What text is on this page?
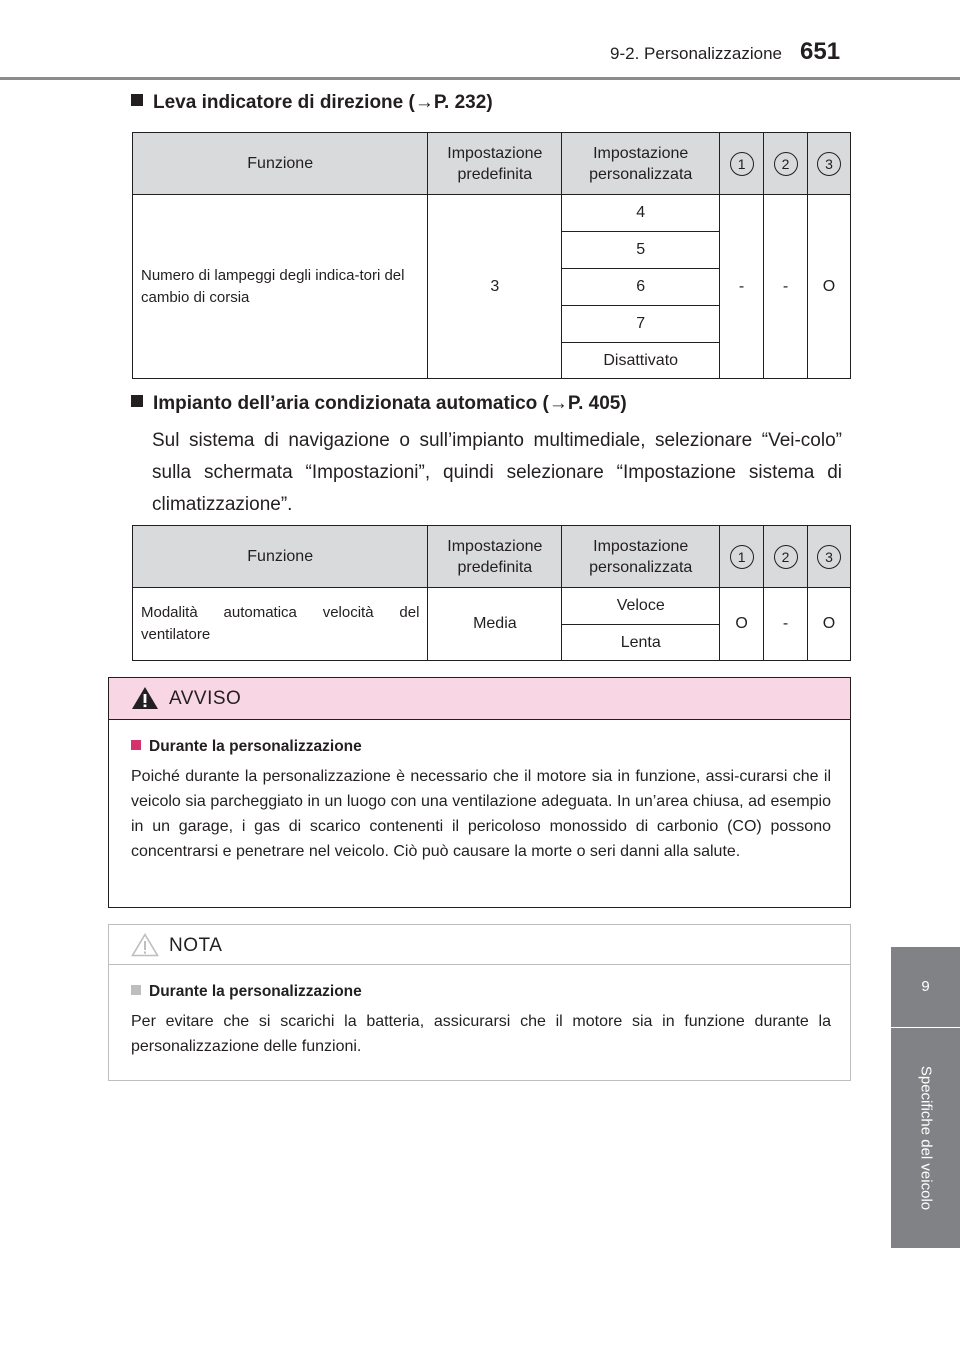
9-2. Personalizzazione 651
9
Specifiche del veicolo
Leva indicatore di direzione (→P. 232)
Funzione	Impostazione predefinita	Impostazione personalizzata	1	2	3
Numero di lampeggi degli indica-tori del cambio di corsia	3	4	-	-	O
		5			
		6			
		7			
		Disattivato			
Impianto dell’aria condizionata automatico (→P. 405)
Sul sistema di navigazione o sull’impianto multimediale, selezionare “Vei-colo” sulla schermata “Impostazioni”, quindi selezionare “Impostazione sistema di climatizzazione”.
Funzione	Impostazione predefinita	Impostazione personalizzata	1	2	3
Modalità automatica velocità del ventilatore	Media	Veloce	O	-	O
		Lenta			
AVVISO
Durante la personalizzazione
Poiché durante la personalizzazione è necessario che il motore sia in funzione, assi-curarsi che il veicolo sia parcheggiato in un luogo con una ventilazione adeguata. In un’area chiusa, ad esempio in un garage, i gas di scarico contenenti il pericoloso monossido di carbonio (CO) possono concentrarsi e penetrare nel veicolo. Ciò può causare la morte o seri danni alla salute.
NOTA
Durante la personalizzazione
Per evitare che si scarichi la batteria, assicurarsi che il motore sia in funzione durante la personalizzazione delle funzioni.
